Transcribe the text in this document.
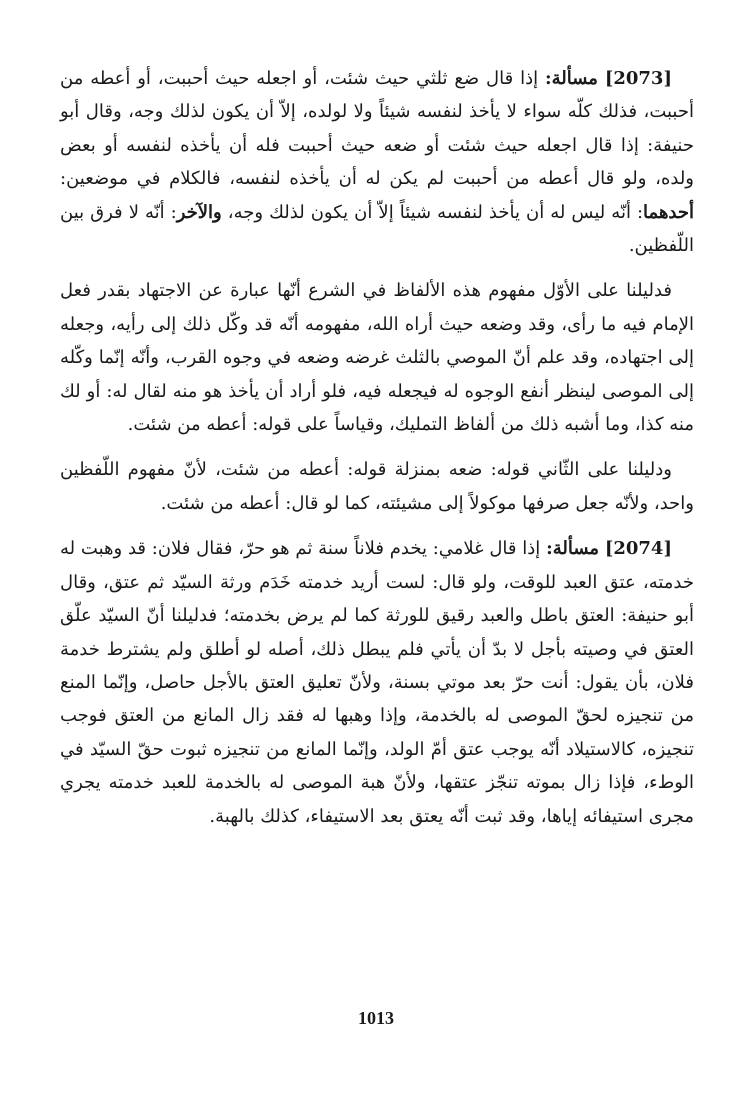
[2073] مسألة: إذا قال ضع ثلثي حيث شئت، أو اجعله حيث أحببت، أو أعطه من أحببت، فذلك كلّه سواء لا يأخذ لنفسه شيئاً ولا لولده، إلاّ أن يكون لذلك وجه، وقال أبو حنيفة: إذا قال اجعله حيث شئت أو ضعه حيث أحببت فله أن يأخذه لنفسه أو بعض ولده، ولو قال أعطه من أحببت لم يكن له أن يأخذه لنفسه، فالكلام في موضعين: أحدهما: أنّه ليس له أن يأخذ لنفسه شيئاً إلاّ أن يكون لذلك وجه، والآخر: أنّه لا فرق بين اللّفظين.

فدليلنا على الأوّل مفهوم هذه الألفاظ في الشرع أنّها عبارة عن الاجتهاد بقدر فعل الإمام فيه ما رأى، وقد وضعه حيث أراه الله، مفهومه أنّه قد وكّل ذلك إلى رأيه، وجعله إلى اجتهاده، وقد علم أنّ الموصي بالثلث غرضه وضعه في وجوه القرب، وأنّه إنّما وكّله إلى الموصى لينظر أنفع الوجوه له فيجعله فيه، فلو أراد أن يأخذ هو منه لقال له: أو لك منه كذا، وما أشبه ذلك من ألفاظ التمليك، وقياساً على قوله: أعطه من شئت.

ودليلنا على الثّاني قوله: ضعه بمنزلة قوله: أعطه من شئت، لأنّ مفهوم اللّفظين واحد، ولأنّه جعل صرفها موكولاً إلى مشيئته، كما لو قال: أعطه من شئت.

[2074] مسألة: إذا قال غلامي: يخدم فلاناً سنة ثم هو حرّ، فقال فلان: قد وهبت له خدمته، عتق العبد للوقت، ولو قال: لست أريد خدمته خَدَم ورثة السيّد ثم عتق، وقال أبو حنيفة: العتق باطل والعبد رقيق للورثة كما لم يرض بخدمته؛ فدليلنا أنّ السيّد علّق العتق في وصيته بأجل لا بدّ أن يأتي فلم يبطل ذلك، أصله لو أطلق ولم يشترط خدمة فلان، بأن يقول: أنت حرّ بعد موتي بسنة، ولأنّ تعليق العتق بالأجل حاصل، وإنّما المنع من تنجيزه لحقّ الموصى له بالخدمة، وإذا وهبها له فقد زال المانع من العتق فوجب تنجيزه، كالاستيلاد أنّه يوجب عتق أمّ الولد، وإنّما المانع من تنجيزه ثبوت حقّ السيّد في الوطء، فإذا زال بموته تنجّز عتقها، ولأنّ هبة الموصى له بالخدمة للعبد خدمته يجري مجرى استيفائه إياها، وقد ثبت أنّه يعتق بعد الاستيفاء، كذلك بالهبة.

1013
